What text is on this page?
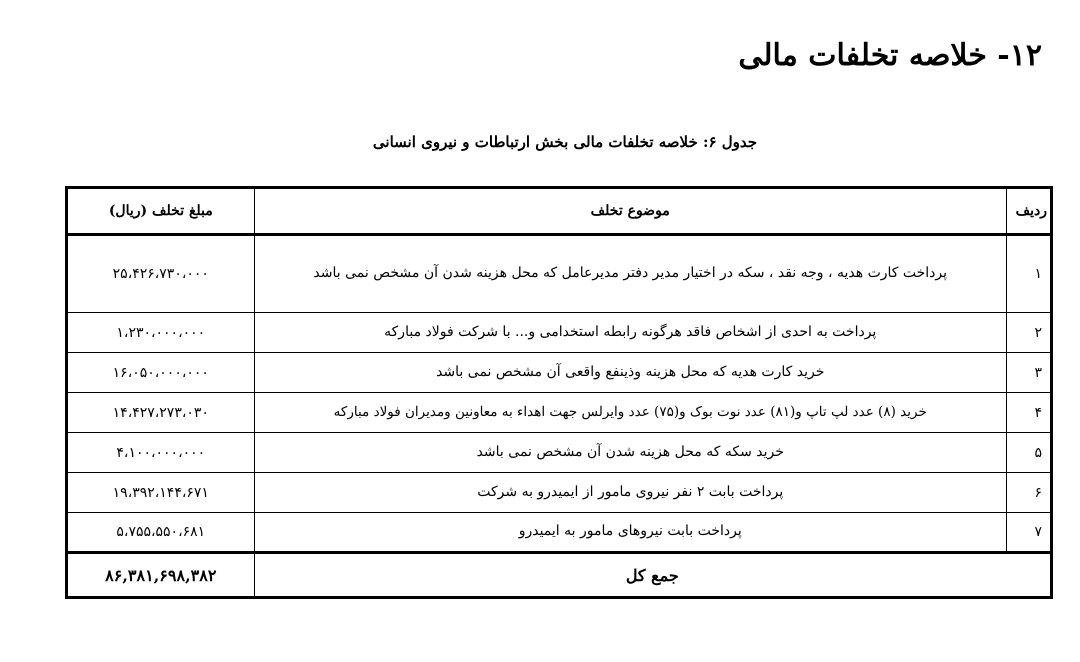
۱۲- خلاصه تخلفات مالی

جدول ۶: خلاصه تخلفات مالی بخش ارتباطات و نیروی انسانی

ردیف	موضوع تخلف	مبلغ تخلف (ریال)
۱	پرداخت کارت هدیه ، وجه نقد ، سکه در اختیار مدیر دفتر مدیرعامل که محل هزینه شدن آن مشخص نمی باشد	۲۵،۴۲۶،۷۳۰،۰۰۰
۲	پرداخت به احدی از اشخاص فاقد هرگونه رابطه استخدامی و... با شرکت فولاد مبارکه	۱،۲۳۰،۰۰۰،۰۰۰
۳	خرید کارت هدیه که محل هزینه وذینفع واقعی آن مشخص نمی باشد	۱۶،۰۵۰،۰۰۰،۰۰۰
۴	خرید (۸) عدد لپ تاپ و(۸۱) عدد نوت بوک و(۷۵) عدد وایرلس جهت اهداء به معاونین ومدیران فولاد مبارکه	۱۴،۴۲۷،۲۷۳،۰۳۰
۵	خرید سکه که محل هزینه شدن آن مشخص نمی باشد	۴،۱۰۰،۰۰۰،۰۰۰
۶	پرداخت بابت ۲ نفر نیروی مامور از ایمیدرو به شرکت	۱۹،۳۹۲،۱۴۴،۶۷۱
۷	پرداخت بابت نیروهای مامور به ایمیدرو	۵،۷۵۵،۵۵۰،۶۸۱
جمع کل		۸۶,۳۸۱,۶۹۸,۳۸۲
